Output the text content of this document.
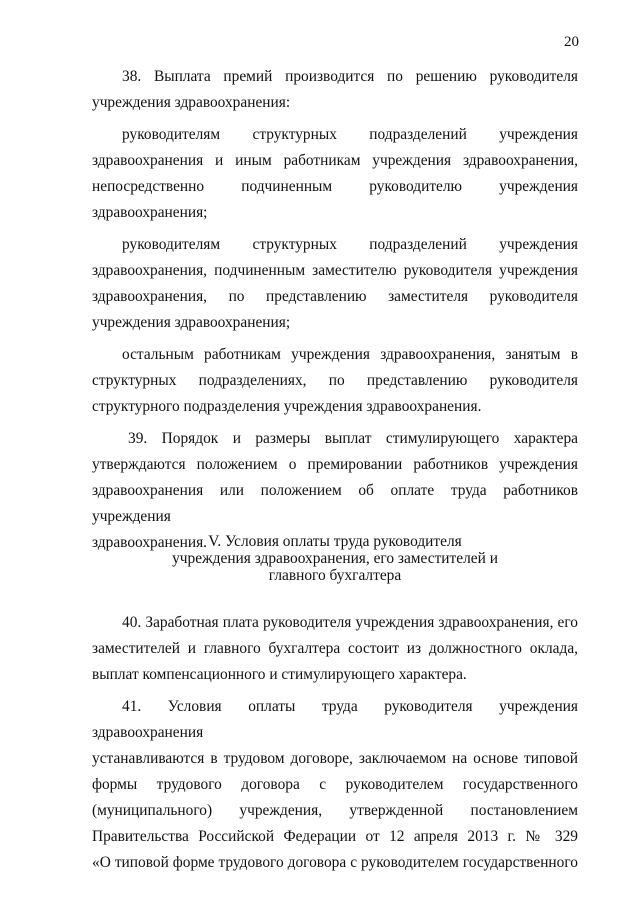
20

38. Выплата премий производится по решению руководителя

учреждения здравоохранения:

руководителям структурных подразделений учреждения

здравоохранения и иным работникам учреждения здравоохранения,

непосредственно подчиненным руководителю учреждения

здравоохранения;

руководителям структурных подразделений учреждения

здравоохранения, подчиненным заместителю руководителя учреждения

здравоохранения, по представлению заместителя руководителя

учреждения здравоохранения;

остальным работникам учреждения здравоохранения, занятым в

структурных подразделениях, по представлению руководителя

структурного подразделения учреждения здравоохранения.

39. Порядок и размеры выплат стимулирующего характера

утверждаются положением о премировании работников учреждения

здравоохранения или положением об оплате труда работников учреждения

здравоохранения. V. Условия оплаты труда руководителя
учреждения здравоохранения, его заместителей и
главного бухгалтера

40. Заработная плата руководителя учреждения здравоохранения, его

заместителей и главного бухгалтера состоит из должностного оклада,

выплат компенсационного и стимулирующего характера.

41. Условия оплаты труда руководителя учреждения здравоохранения

устанавливаются в трудовом договоре, заключаемом на основе типовой

формы трудового договора с руководителем государственного

(муниципального) учреждения, утвержденной постановлением

Правительства Российской Федерации от 12 апреля 2013 г. № 329

«О типовой форме трудового договора с руководителем государственного
